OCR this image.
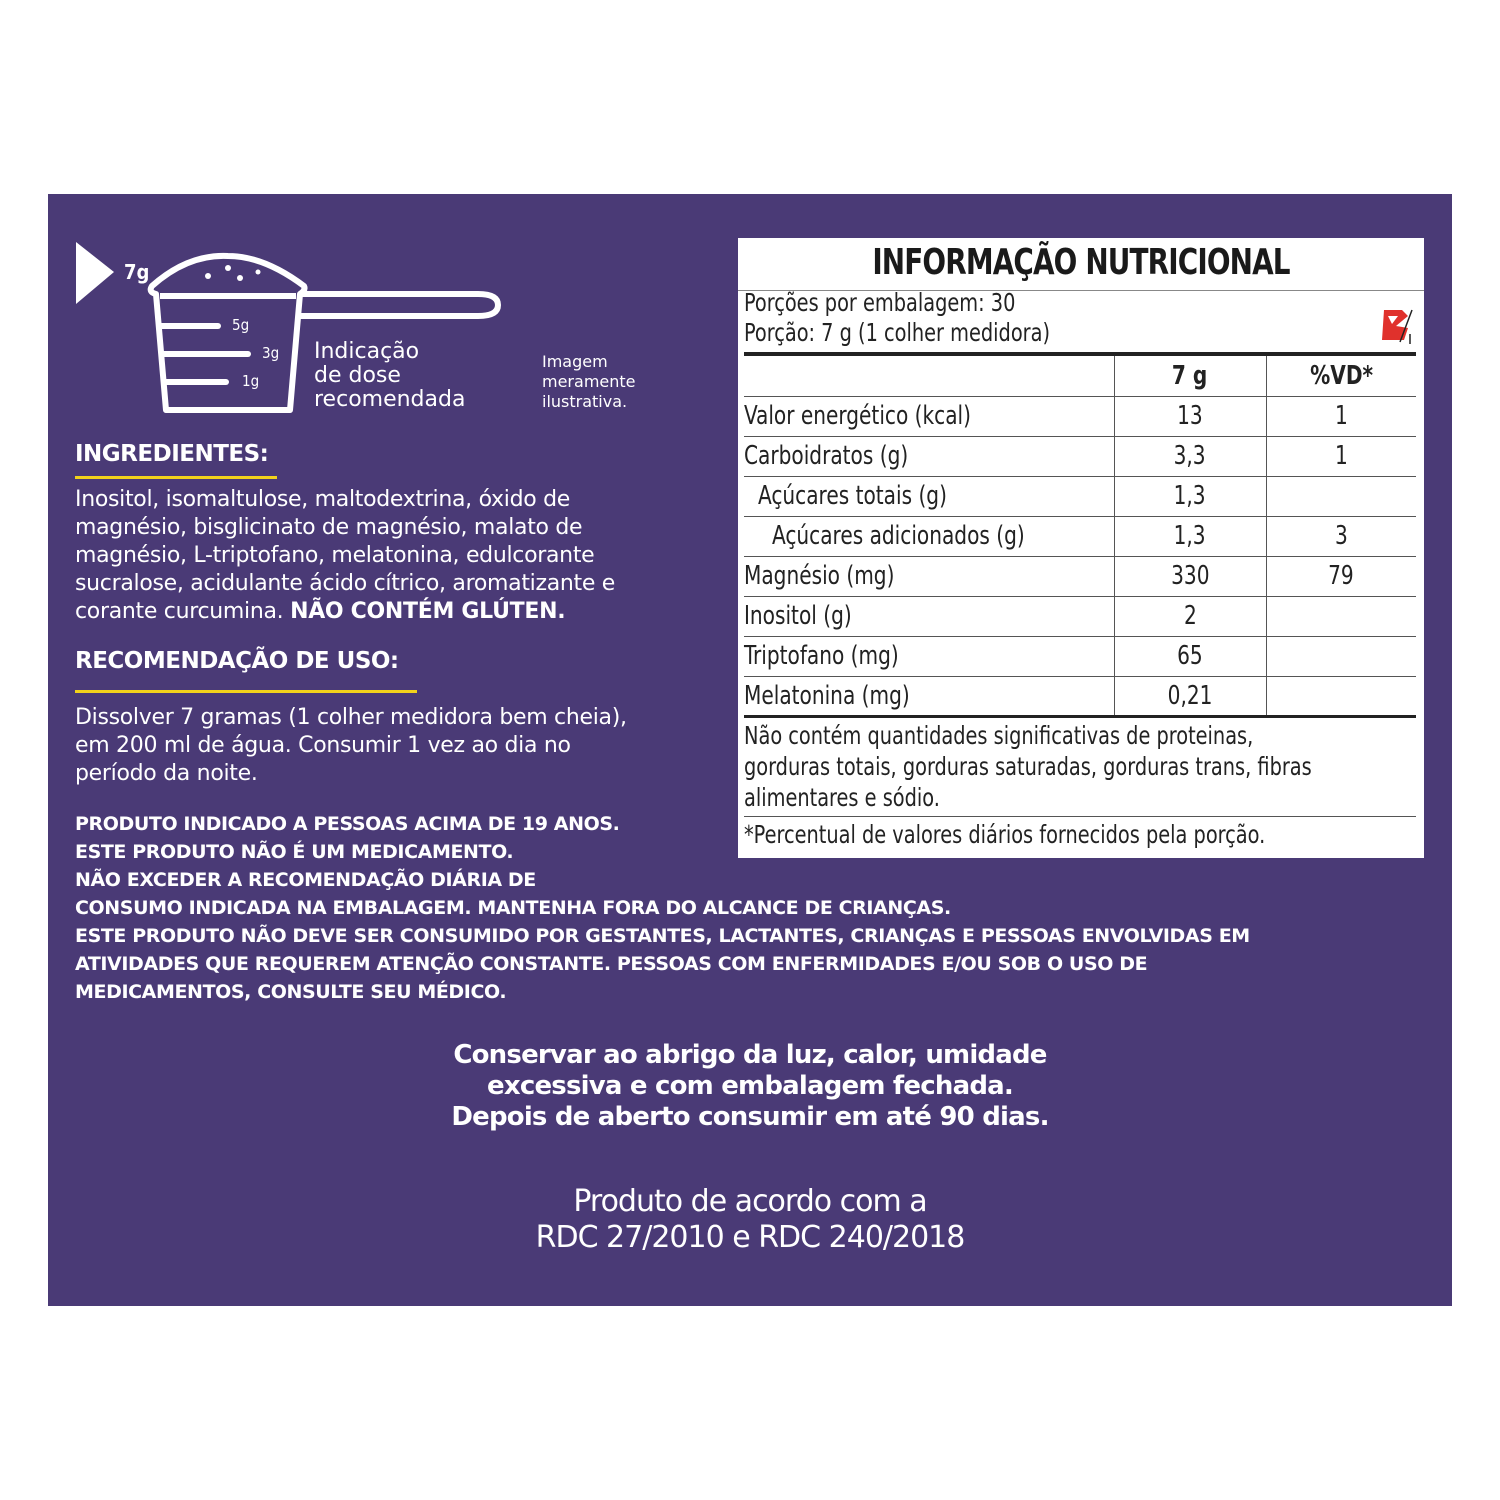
7g
5g
3g
1g
Indicação
de dose
recomendada
Imagem
meramente
ilustrativa.
INGREDIENTES:
Inositol, isomaltulose, maltodextrina, óxido de
magnésio, bisglicinato de magnésio, malato de
magnésio, L-triptofano, melatonina, edulcorante
sucralose, acidulante ácido cítrico, aromatizante e
corante curcumina. NÃO CONTÉM GLÚTEN.
RECOMENDAÇÃO DE USO:
Dissolver 7 gramas (1 colher medidora bem cheia),
em 200 ml de água. Consumir 1 vez ao dia no
período da noite.
PRODUTO INDICADO A PESSOAS ACIMA DE 19 ANOS.
ESTE PRODUTO NÃO É UM MEDICAMENTO.
NÃO EXCEDER A RECOMENDAÇÃO DIÁRIA DE
CONSUMO INDICADA NA EMBALAGEM. MANTENHA FORA DO ALCANCE DE CRIANÇAS.
ESTE PRODUTO NÃO DEVE SER CONSUMIDO POR GESTANTES, LACTANTES, CRIANÇAS E PESSOAS ENVOLVIDAS EM
ATIVIDADES QUE REQUEREM ATENÇÃO CONSTANTE. PESSOAS COM ENFERMIDADES E/OU SOB O USO DE
MEDICAMENTOS, CONSULTE SEU MÉDICO.
Conservar ao abrigo da luz, calor, umidade
excessiva e com embalagem fechada.
Depois de aberto consumir em até 90 dias.
Produto de acordo com a
RDC 27/2010 e RDC 240/2018
INFORMAÇÃO NUTRICIONAL
Porções por embalagem: 30
Porção: 7 g (1 colher medidora)
	7 g	%VD*
Valor energético (kcal)	13	1
Carboidratos (g)	3,3	1
Açúcares totais (g)	1,3	
Açúcares adicionados (g)	1,3	3
Magnésio (mg)	330	79
Inositol (g)	2	
Triptofano (mg)	65	
Melatonina (mg)	0,21	
Não contém quantidades significativas de proteinas,
gorduras totais, gorduras saturadas, gorduras trans, fibras
alimentares e sódio.
*Percentual de valores diários fornecidos pela porção.
